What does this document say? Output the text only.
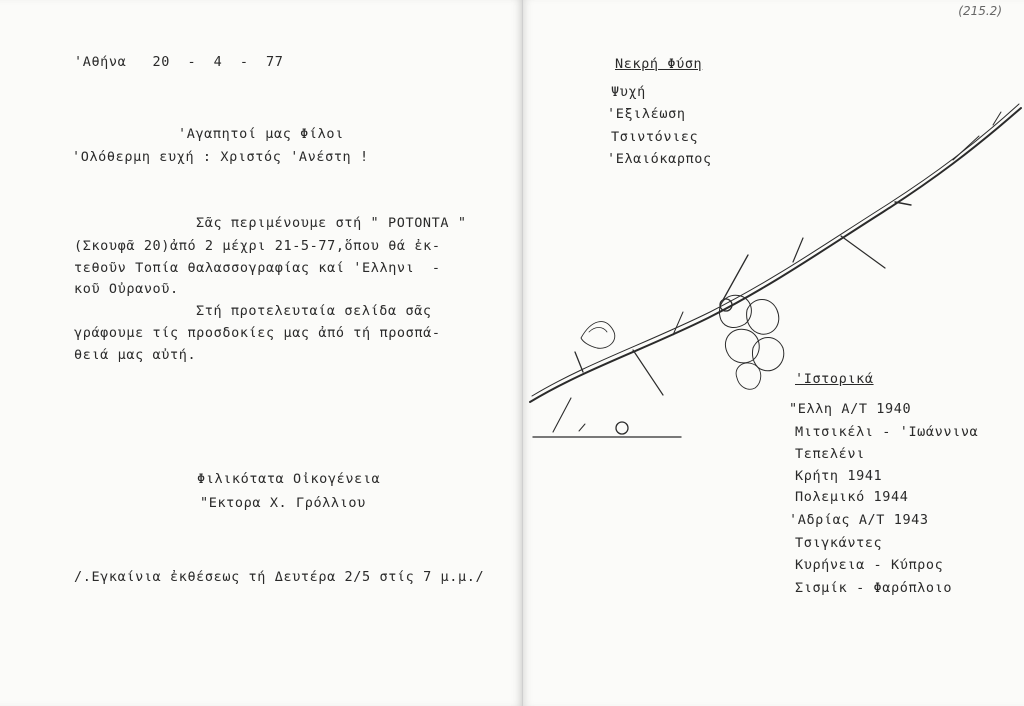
'Αθήνα   20  -  4  -  77
'Αγαπητοί μας Φίλοι
'Ολόθερμη ευχή : Χριστός 'Ανέστη !
Σᾶς περιμένουμε στή " ΡΟΤΟΝΤΑ "
(Σκουφᾶ 20)ἀπό 2 μέχρι 21-5-77,ὅπου θά ἐκ-
τεθοῦν Τοπία θαλασσογραφίας καί 'Ελληνι  -
κοῦ Οὐρανοῦ.
Στή προτελευταία σελίδα σᾶς
γράφουμε τίς προσδοκίες μας ἀπό τή προσπά-
θειά μας αὐτή.
Φιλικότατα Οἰκογένεια
"Εκτορα Χ. Γρόλλιου
/.Εγκαίνια ἐκθέσεως τή Δευτέρα 2/5 στίς 7 μ.μ./
(215.2)
Νεκρή Φύση
Ψυχή
'Εξιλέωση
Τσιντόνιες
'Ελαιόκαρπος
'Ιστορικά
"Ελλη Α/Τ 1940
Μιτσικέλι - 'Ιωάννινα
Τεπελένι
Κρήτη 1941
Πολεμικό 1944
'Αδρίας Α/Τ 1943
Τσιγκάντες
Κυρήνεια - Κύπρος
Σισμίκ - Φαρόπλοιο
